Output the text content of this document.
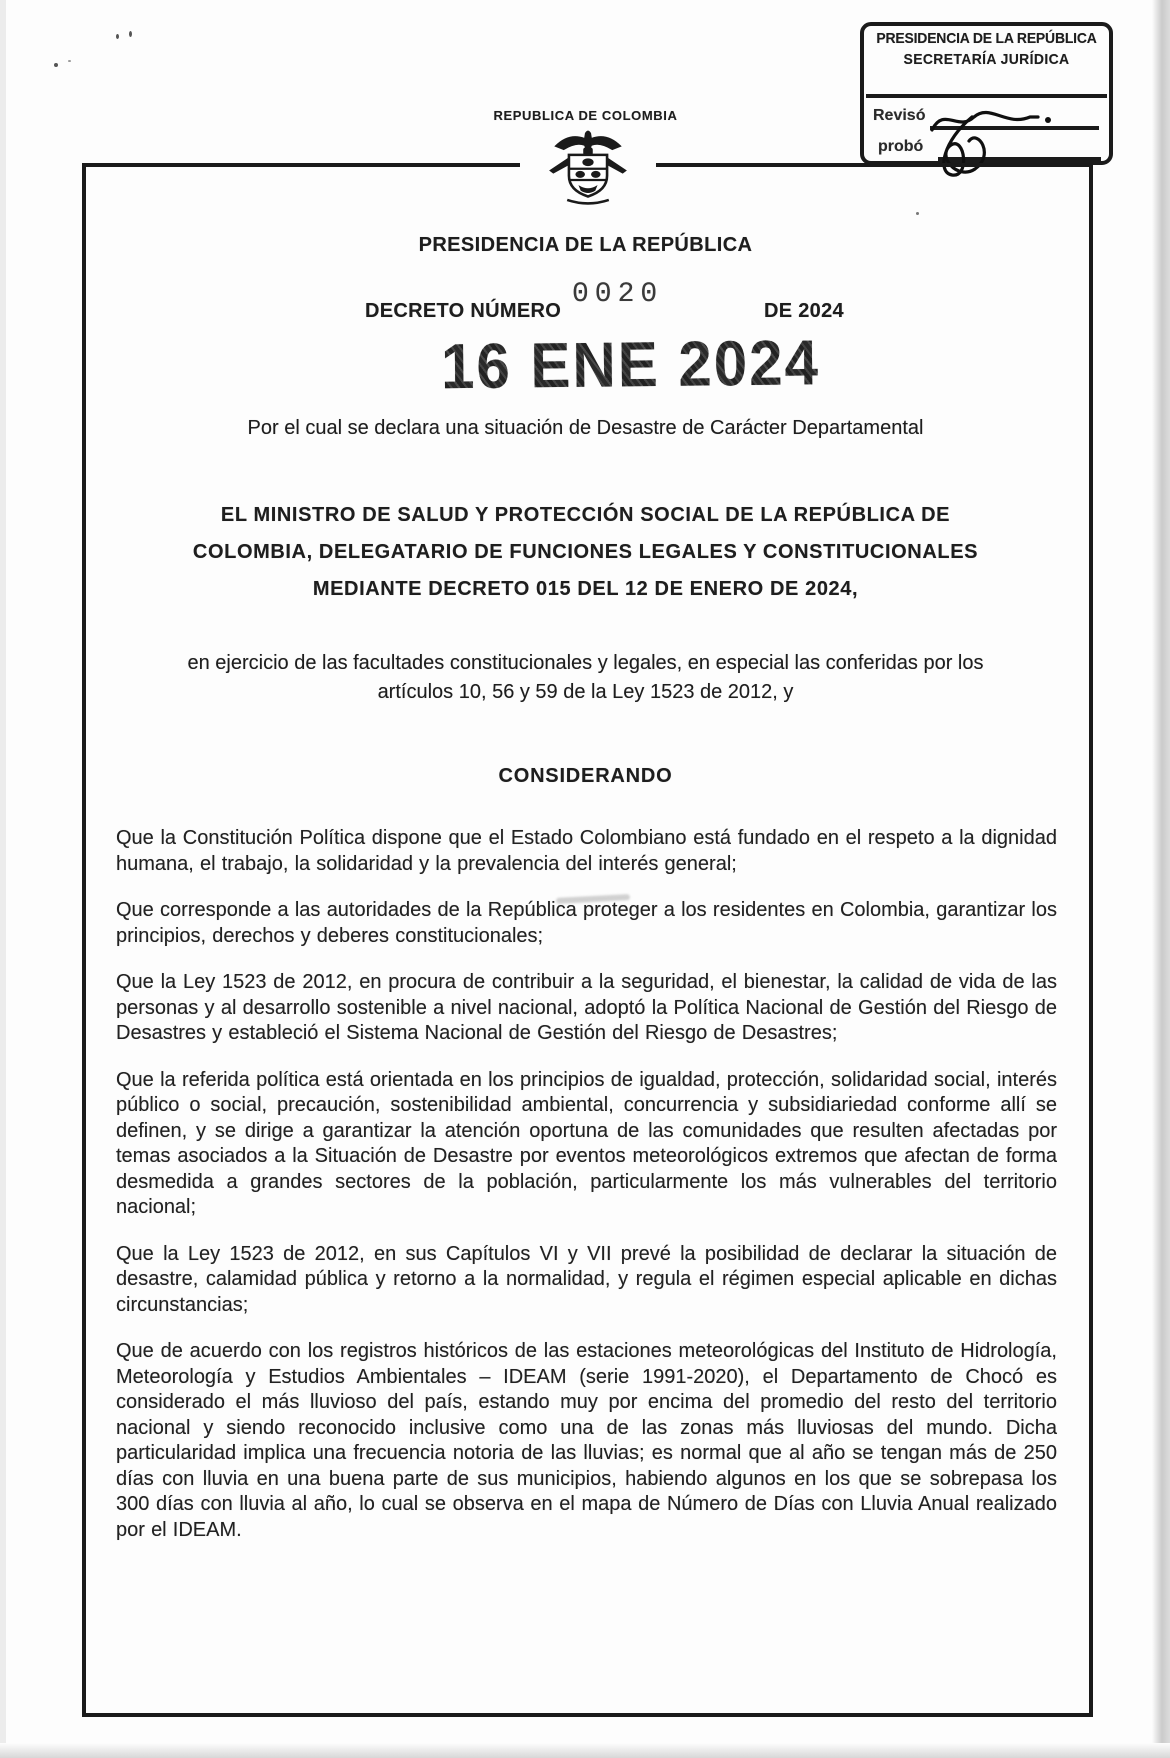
PRESIDENCIA DE LA REPÚBLICA
SECRETARÍA JURÍDICA
Revisó
probó
REPUBLICA DE COLOMBIA
PRESIDENCIA DE LA REPÚBLICA
DECRETO NÚMERO
0020
DE 2024
16 ENE 2024
Por el cual se declara una situación de Desastre de Carácter Departamental
EL MINISTRO DE SALUD Y PROTECCIÓN SOCIAL DE LA REPÚBLICA DE
COLOMBIA, DELEGATARIO DE FUNCIONES LEGALES Y CONSTITUCIONALES
MEDIANTE DECRETO 015 DEL 12 DE ENERO DE 2024,
en ejercicio de las facultades constitucionales y legales, en especial las conferidas por los
artículos 10, 56 y 59 de la Ley 1523 de 2012, y
CONSIDERANDO

Que la Constitución Política dispone que el Estado Colombiano está fundado en el respeto a la dignidad humana, el trabajo, la solidaridad y la prevalencia del interés general;

Que corresponde a las autoridades de la República proteger a los residentes en Colombia, garantizar los principios, derechos y deberes constitucionales;

Que la Ley 1523 de 2012, en procura de contribuir a la seguridad, el bienestar, la calidad de vida de las personas y al desarrollo sostenible a nivel nacional, adoptó la Política Nacional de Gestión del Riesgo de Desastres y estableció el Sistema Nacional de Gestión del Riesgo de Desastres;

Que la referida política está orientada en los principios de igualdad, protección, solidaridad social, interés público o social, precaución, sostenibilidad ambiental, concurrencia y subsidiariedad conforme allí se definen, y se dirige a garantizar la atención oportuna de las comunidades que resulten afectadas por temas asociados a la Situación de Desastre por eventos meteorológicos extremos que afectan de forma desmedida a grandes sectores de la población, particularmente los más vulnerables del territorio nacional;

Que la Ley 1523 de 2012, en sus Capítulos VI y VII prevé la posibilidad de declarar la situación de desastre, calamidad pública y retorno a la normalidad, y regula el régimen especial aplicable en dichas circunstancias;

Que de acuerdo con los registros históricos de las estaciones meteorológicas del Instituto de Hidrología, Meteorología y Estudios Ambientales – IDEAM (serie 1991-2020), el Departamento de Chocó es considerado el más lluvioso del país, estando muy por encima del promedio del resto del territorio nacional y siendo reconocido inclusive como una de las zonas más lluviosas del mundo. Dicha particularidad implica una frecuencia notoria de las lluvias; es normal que al año se tengan más de 250 días con lluvia en una buena parte de sus municipios, habiendo algunos en los que se sobrepasa los 300 días con lluvia al año, lo cual se observa en el mapa de Número de Días con Lluvia Anual realizado por el IDEAM.
